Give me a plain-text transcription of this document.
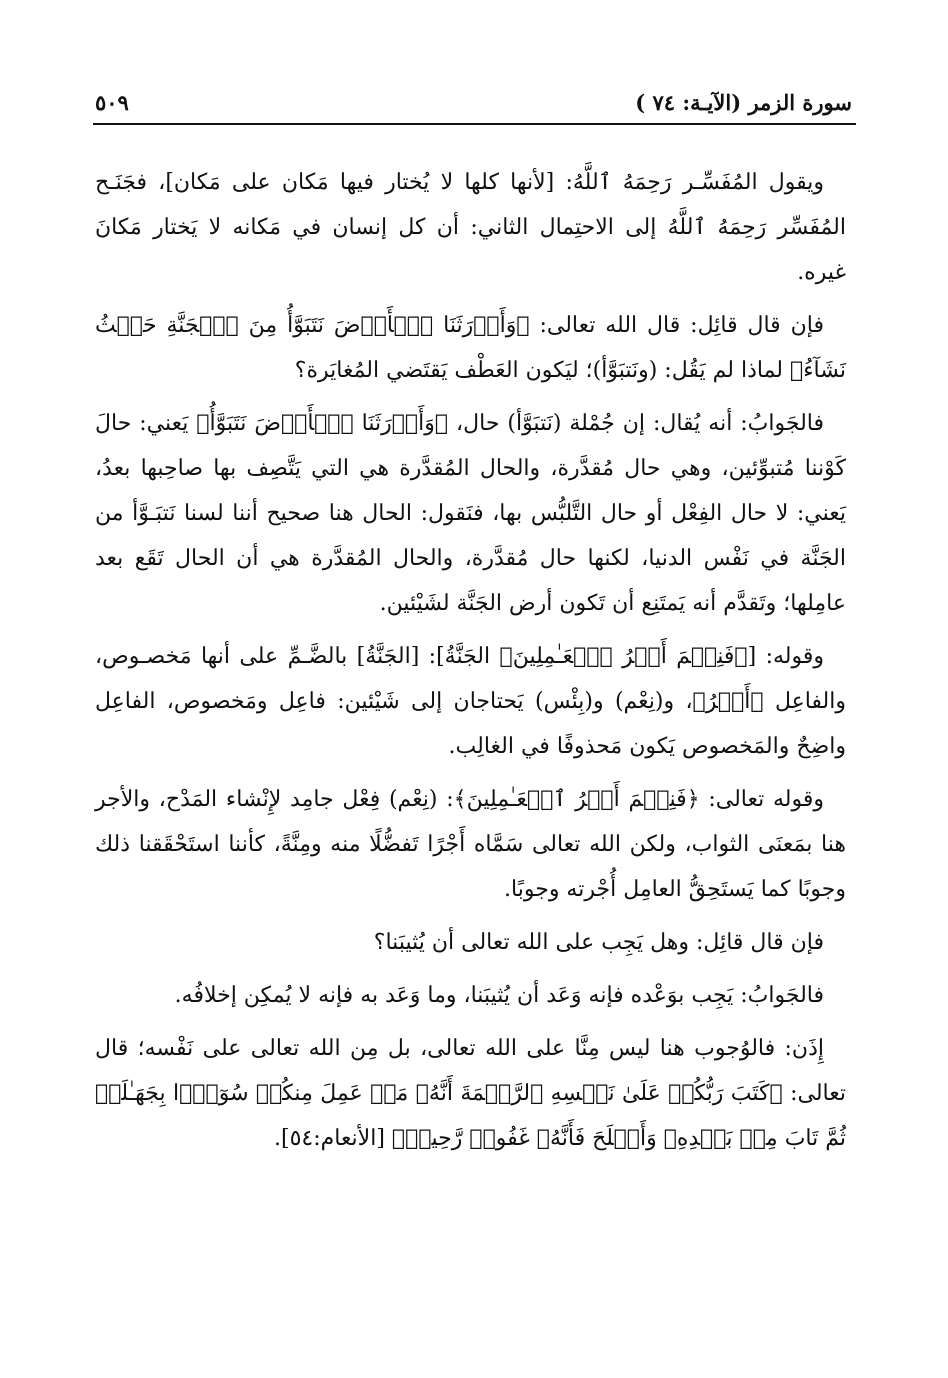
سورة الزمر (الآيـة: ٧٤ )
٥٠٩

ويقول المُفَسِّـر رَحِمَهُ ٱللَّهُ: [لأنها كلها لا يُختار فيها مَكان على مَكان]، فجَنَـح المُفَسِّر رَحِمَهُ ٱللَّهُ إلى الاحتِمال الثاني: أن كل إنسان في مَكانه لا يَختار مَكانَ غيره.

فإن قال قائِل: قال الله تعالى: ﴿وَأَوۡرَثَنَا ٱلۡأَرۡضَ نَتَبَوَّأُ مِنَ ٱلۡجَنَّةِ حَيۡثُ نَشَآءُ﴾ لماذا لم يَقُل: (ونَتبَوَّأ)؛ ليَكون العَطْف يَقتَضي المُغايَرة؟

فالجَوابُ: أنه يُقال: إن جُمْلة (نَتبَوَّأ) حال، ﴿وَأَوۡرَثَنَا ٱلۡأَرۡضَ نَتَبَوَّأُ﴾ يَعني: حالَ كَوْننا مُتبوِّئين، وهي حال مُقدَّرة، والحال المُقدَّرة هي التي يَتَّصِف بها صاحِبها بعدُ، يَعني: لا حال الفِعْل أو حال التَّلبُّس بها، فنَقول: الحال هنا صحيح أننا لسنا نَتبَـوَّأ من الجَنَّة في نَفْس الدنيا، لكنها حال مُقدَّرة، والحال المُقدَّرة هي أن الحال تَقَع بعد عامِلها؛ وتَقدَّم أنه يَمتَنِع أن تَكون أرض الجَنَّة لشَيْئين.

وقوله: [﴿فَنِعۡمَ أَجۡرُ ٱلۡعَـٰمِلِينَ﴾ الجَنَّةُ]: [الجَنَّةُ] بالضَّـمِّ على أنها مَخصـوص، والفاعِل ﴿أَجۡرُ﴾، و(نِعْم) و(بِئْس) يَحتاجان إلى شَيْئين: فاعِل ومَخصوص، الفاعِل واضِحٌ والمَخصوص يَكون مَحذوفًا في الغالِب.

وقوله تعالى: ﴿فَنِعۡمَ أَجۡرُ ٱلۡعَـٰمِلِينَ﴾: (نِعْم) فِعْل جامِد لإِنْشاء المَدْح، والأجر هنا بمَعنَى الثواب، ولكن الله تعالى سَمَّاه أَجْرًا تَفضُّلًا منه ومِنَّةً، كأننا استَحْقَقنا ذلك وجوبًا كما يَستَحِقُّ العامِل أُجْرته وجوبًا.

فإن قال قائِل: وهل يَجِب على الله تعالى أن يُثيبَنا؟

فالجَوابُ: يَجِب بوَعْده فإنه وَعَد أن يُثيبَنا، وما وَعَد به فإنه لا يُمكِن إخلافُه.

إِذَن: فالوُجوب هنا ليس مِنَّا على الله تعالى، بل مِن الله تعالى على نَفْسه؛ قال تعالى: ﴿كَتَبَ رَبُّكُمۡ عَلَىٰ نَفۡسِهِ ٱلرَّحۡمَةَ أَنَّهُۥ مَنۡ عَمِلَ مِنكُمۡ سُوٓءَۢا بِجَهَـٰلَةٖ ثُمَّ تَابَ مِنۢ بَعۡدِهِۦ وَأَصۡلَحَ فَأَنَّهُۥ غَفُورٞ رَّحِيمٞ﴾ [الأنعام:٥٤].
